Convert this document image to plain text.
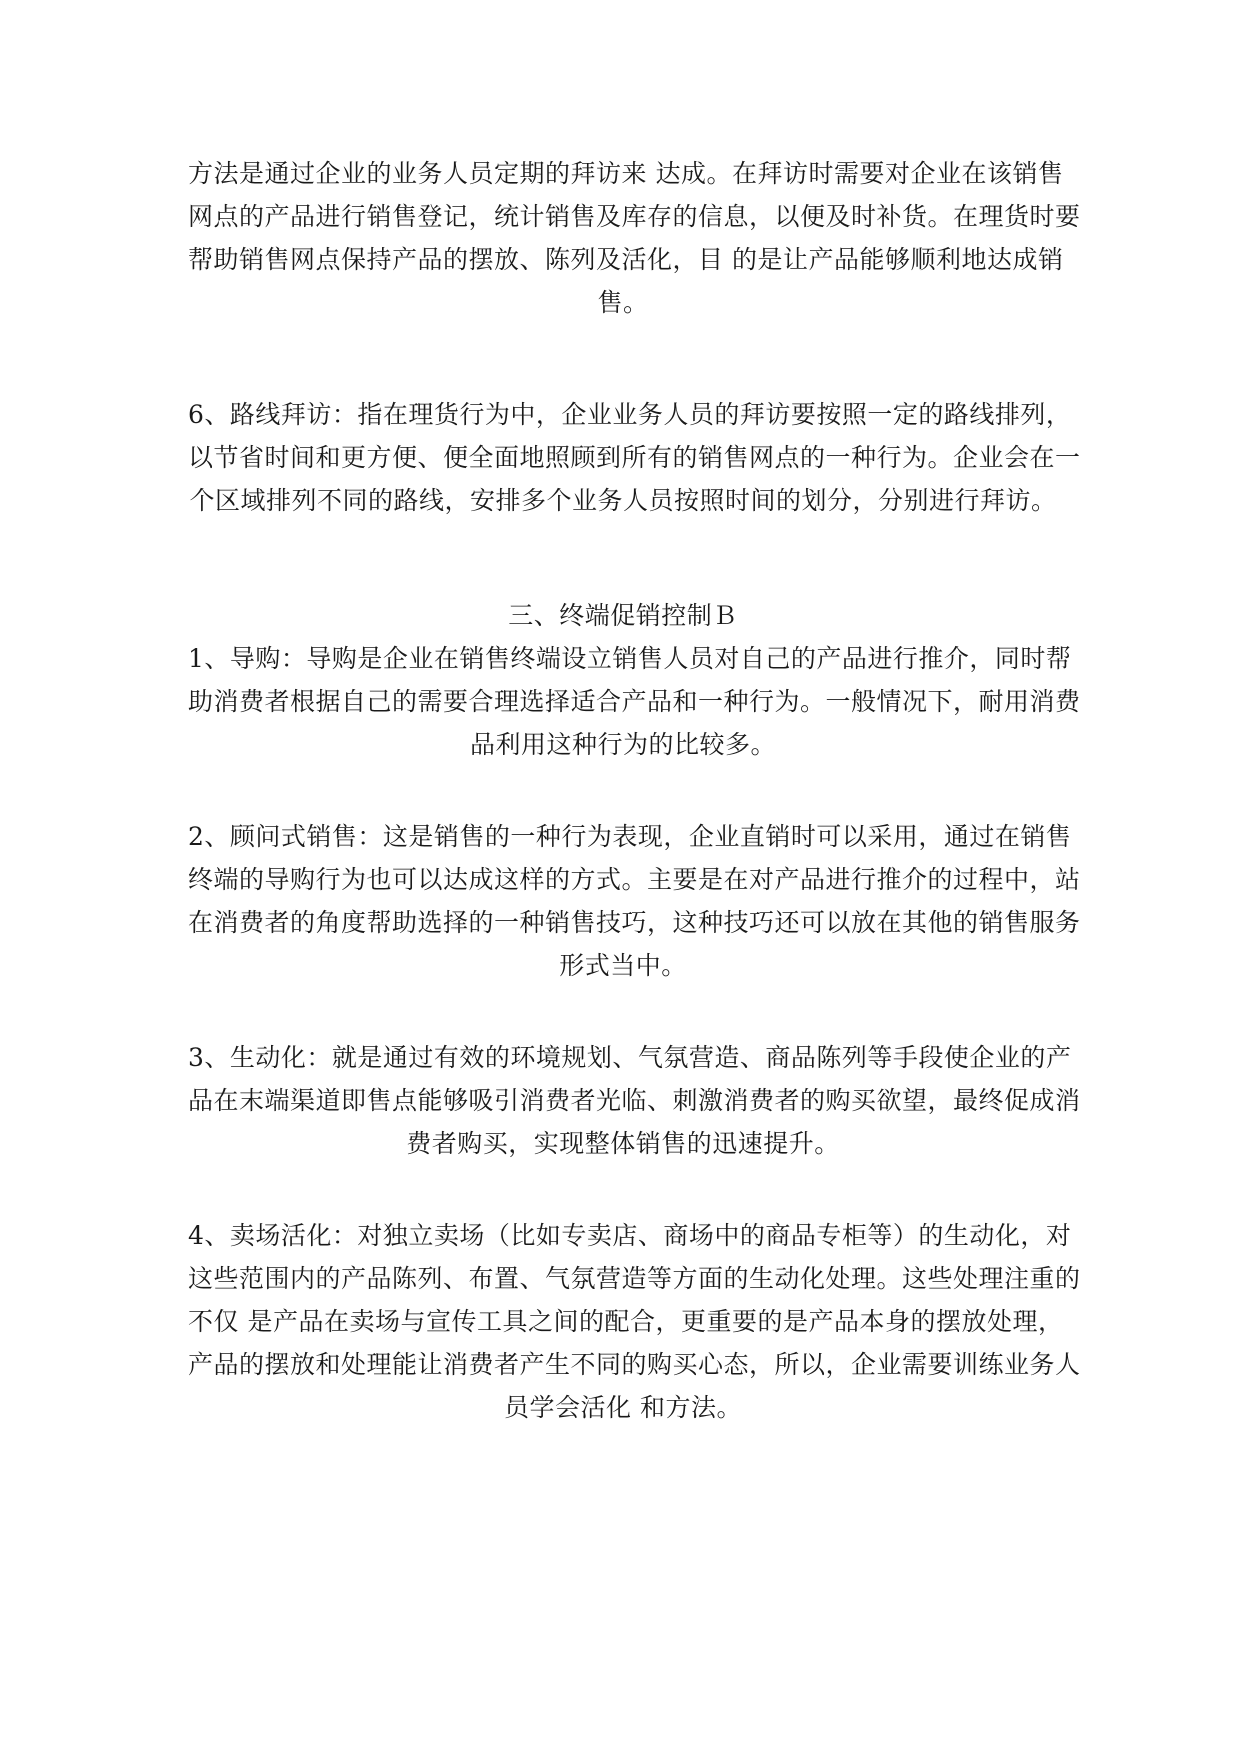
方法是通过企业的业务人员定期的拜访来 达成。在拜访时需要对企业在该销售
网点的产品进行销售登记，统计销售及库存的信息，以便及时补货。在理货时要
帮助销售网点保持产品的摆放、陈列及活化，目 的是让产品能够顺利地达成销
售。
6、路线拜访：指在理货行为中，企业业务人员的拜访要按照一定的路线排列，
以节省时间和更方便、便全面地照顾到所有的销售网点的一种行为。企业会在一
个区域排列不同的路线，安排多个业务人员按照时间的划分，分别进行拜访。
三、终端促销控制Ｂ
1、导购：导购是企业在销售终端设立销售人员对自己的产品进行推介，同时帮
助消费者根据自己的需要合理选择适合产品和一种行为。一般情况下，耐用消费
品利用这种行为的比较多。
2、顾问式销售：这是销售的一种行为表现，企业直销时可以采用，通过在销售
终端的导购行为也可以达成这样的方式。主要是在对产品进行推介的过程中，站
在消费者的角度帮助选择的一种销售技巧，这种技巧还可以放在其他的销售服务
形式当中。
3、生动化：就是通过有效的环境规划、气氛营造、商品陈列等手段使企业的产
品在末端渠道即售点能够吸引消费者光临、刺激消费者的购买欲望，最终促成消
费者购买，实现整体销售的迅速提升。
4、卖场活化：对独立卖场（比如专卖店、商场中的商品专柜等）的生动化，对
这些范围内的产品陈列、布置、气氛营造等方面的生动化处理。这些处理注重的
不仅 是产品在卖场与宣传工具之间的配合，更重要的是产品本身的摆放处理，
产品的摆放和处理能让消费者产生不同的购买心态，所以，企业需要训练业务人
员学会活化 和方法。
